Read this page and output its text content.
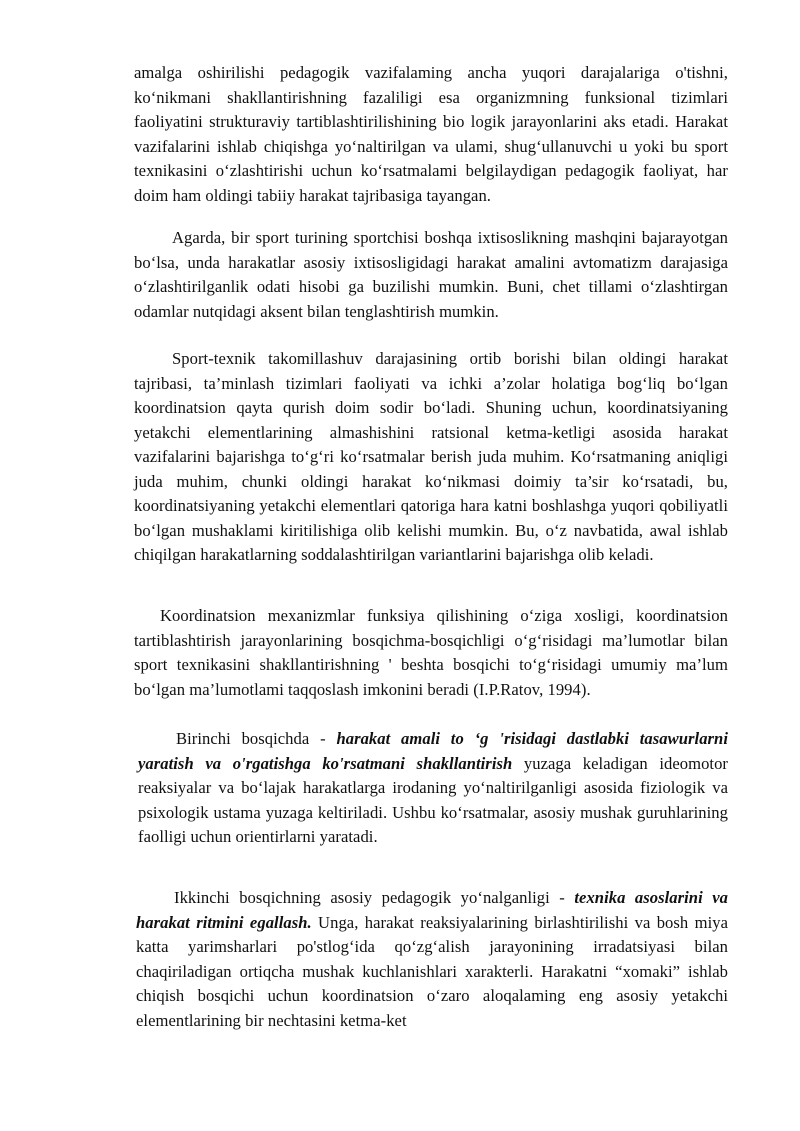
amalga oshirilishi pedagogik vazifalaming ancha yuqori darajalariga o'tishni, ko‘nikmani shakllantirishning fazaliligi esa organizmning funksional tizimlari faoliyatini strukturaviy tartiblashtirilishining bio logik jarayonlarini aks etadi. Harakat vazifalarini ishlab chiqishga yo‘naltirilgan va ulami, shug‘ullanuvchi u yoki bu sport texnikasini o‘zlashtirishi uchun ko‘rsatmalami belgilaydigan pedagogik faoliyat, har doim ham oldingi tabiiy harakat tajribasiga tayangan.

Agarda, bir sport turining sportchisi boshqa ixtisoslikning mashqini bajarayotgan bo‘lsa, unda harakatlar asosiy ixtisosligidagi harakat amalini avtomatizm darajasiga o‘zlashtirilganlik odati hisobi ga buzilishi mumkin. Buni, chet tillami o‘zlashtirgan odamlar nutqidagi aksent bilan tenglashtirish mumkin.

Sport-texnik takomillashuv darajasining ortib borishi bilan oldingi harakat tajribasi, ta’minlash tizimlari faoliyati va ichki a’zolar holatiga bog‘liq bo‘lgan koordinatsion qayta qurish doim sodir bo‘ladi. Shuning uchun, koordinatsiyaning yetakchi elementlarining almashishini ratsional ketma-ketligi asosida harakat vazifalarini bajarishga to‘g‘ri ko‘rsatmalar berish juda muhim. Ko‘rsatmaning aniqligi juda muhim, chunki oldingi harakat ko‘nikmasi doimiy ta’sir ko‘rsatadi, bu, koordinatsiyaning yetakchi elementlari qatoriga hara katni boshlashga yuqori qobiliyatli bo‘lgan mushaklami kiritilishiga olib kelishi mumkin. Bu, o‘z navbatida, awal ishlab chiqilgan harakatlarning soddalashtirilgan variantlarini bajarishga olib keladi.

Koordinatsion mexanizmlar funksiya qilishining o‘ziga xosligi, koordinatsion tartiblashtirish jarayonlarining bosqichma-bosqichligi o‘g‘risidagi ma’lumotlar bilan sport texnikasini shakllantirishning ' beshta bosqichi to‘g‘risidagi umumiy ma’lum bo‘lgan ma’lumotlami taqqoslash imkonini beradi (I.P.Ratov, 1994).

Birinchi bosqichda - harakat amali to ‘g 'risidagi dastlabki tasawurlarni yaratish va o'rgatishga ko'rsatmani shakllantirish yuzaga keladigan ideomotor reaksiyalar va bo‘lajak harakatlarga irodaning yo‘naltirilganligi asosida fiziologik va psixologik ustama yuzaga keltiriladi. Ushbu ko‘rsatmalar, asosiy mushak guruhlarining faolligi uchun orientirlarni yaratadi.

Ikkinchi bosqichning asosiy pedagogik yo‘nalganligi - texnika asoslarini va harakat ritmini egallash. Unga, harakat reaksiyalarining birlashtirilishi va bosh miya katta yarimsharlari po'stlog‘ida qo‘zg‘alish jarayonining irradatsiyasi bilan chaqiriladigan ortiqcha mushak kuchlanishlari xarakterli. Harakatni “xomaki” ishlab chiqish bosqichi uchun koordinatsion o‘zaro aloqalaming eng asosiy yetakchi elementlarining bir nechtasini ketma-ket
